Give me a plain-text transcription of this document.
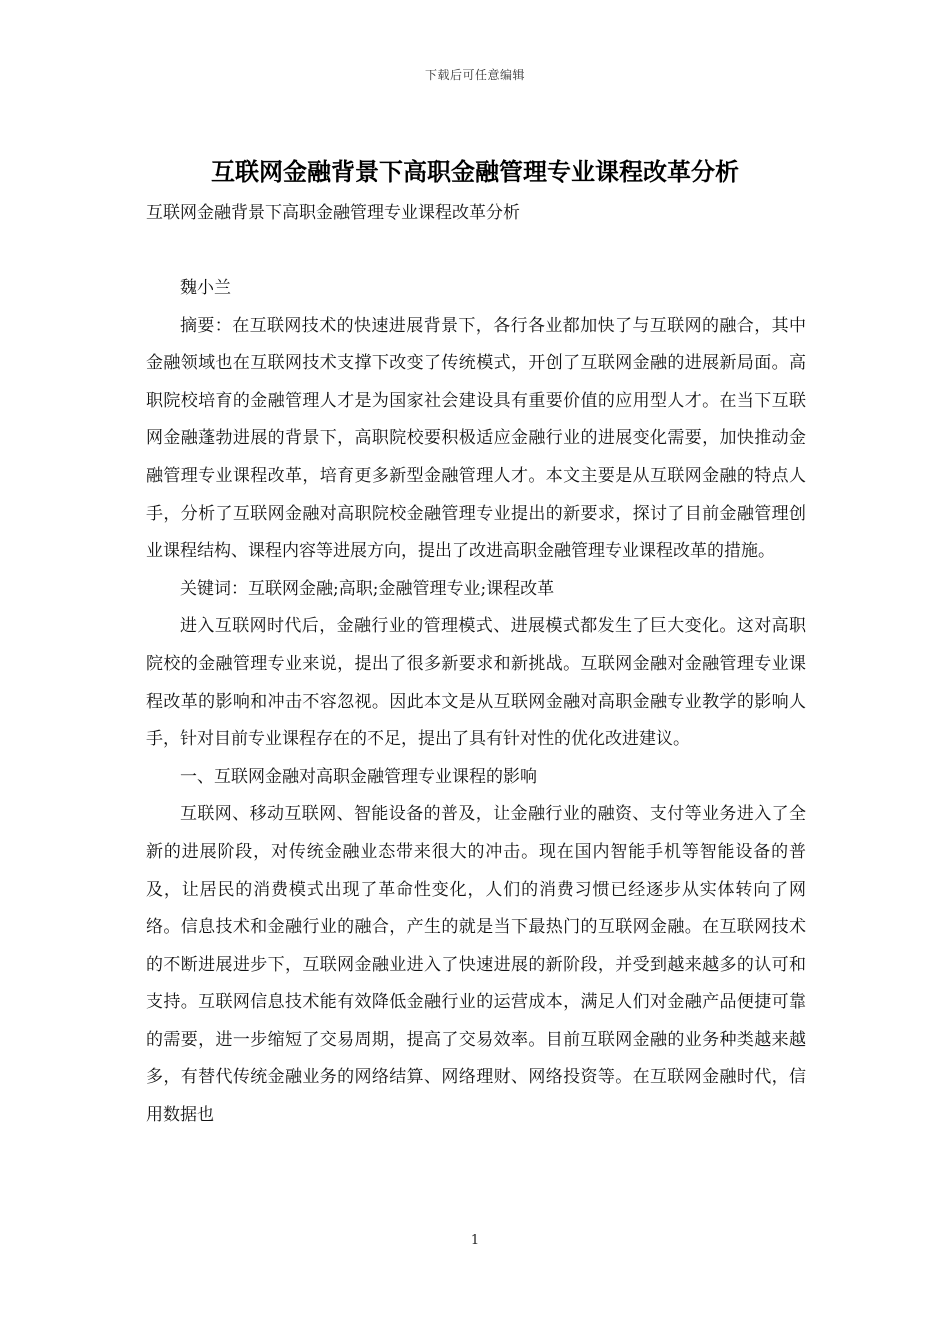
下载后可任意编辑
互联网金融背景下高职金融管理专业课程改革分析
互联网金融背景下高职金融管理专业课程改革分析

魏小兰

摘要：在互联网技术的快速进展背景下，各行各业都加快了与互联网的融合，其中金融领域也在互联网技术支撑下改变了传统模式，开创了互联网金融的进展新局面。高职院校培育的金融管理人才是为国家社会建设具有重要价值的应用型人才。在当下互联网金融蓬勃进展的背景下，高职院校要积极适应金融行业的进展变化需要，加快推动金融管理专业课程改革，培育更多新型金融管理人才。本文主要是从互联网金融的特点人手，分析了互联网金融对高职院校金融管理专业提出的新要求，探讨了目前金融管理创业课程结构、课程内容等进展方向，提出了改进高职金融管理专业课程改革的措施。

关键词：互联网金融;高职;金融管理专业;课程改革

进入互联网时代后，金融行业的管理模式、进展模式都发生了巨大变化。这对高职院校的金融管理专业来说，提出了很多新要求和新挑战。互联网金融对金融管理专业课程改革的影响和冲击不容忽视。因此本文是从互联网金融对高职金融专业教学的影响人手，针对目前专业课程存在的不足，提出了具有针对性的优化改进建议。

一、互联网金融对高职金融管理专业课程的影响

互联网、移动互联网、智能设备的普及，让金融行业的融资、支付等业务进入了全新的进展阶段，对传统金融业态带来很大的冲击。现在国内智能手机等智能设备的普及，让居民的消费模式出现了革命性变化，人们的消费习惯已经逐步从实体转向了网络。信息技术和金融行业的融合，产生的就是当下最热门的互联网金融。在互联网技术的不断进展进步下，互联网金融业进入了快速进展的新阶段，并受到越来越多的认可和支持。互联网信息技术能有效降低金融行业的运营成本，满足人们对金融产品便捷可靠的需要，进一步缩短了交易周期，提高了交易效率。目前互联网金融的业务种类越来越多，有替代传统金融业务的网络结算、网络理财、网络投资等。在互联网金融时代，信用数据也

1
